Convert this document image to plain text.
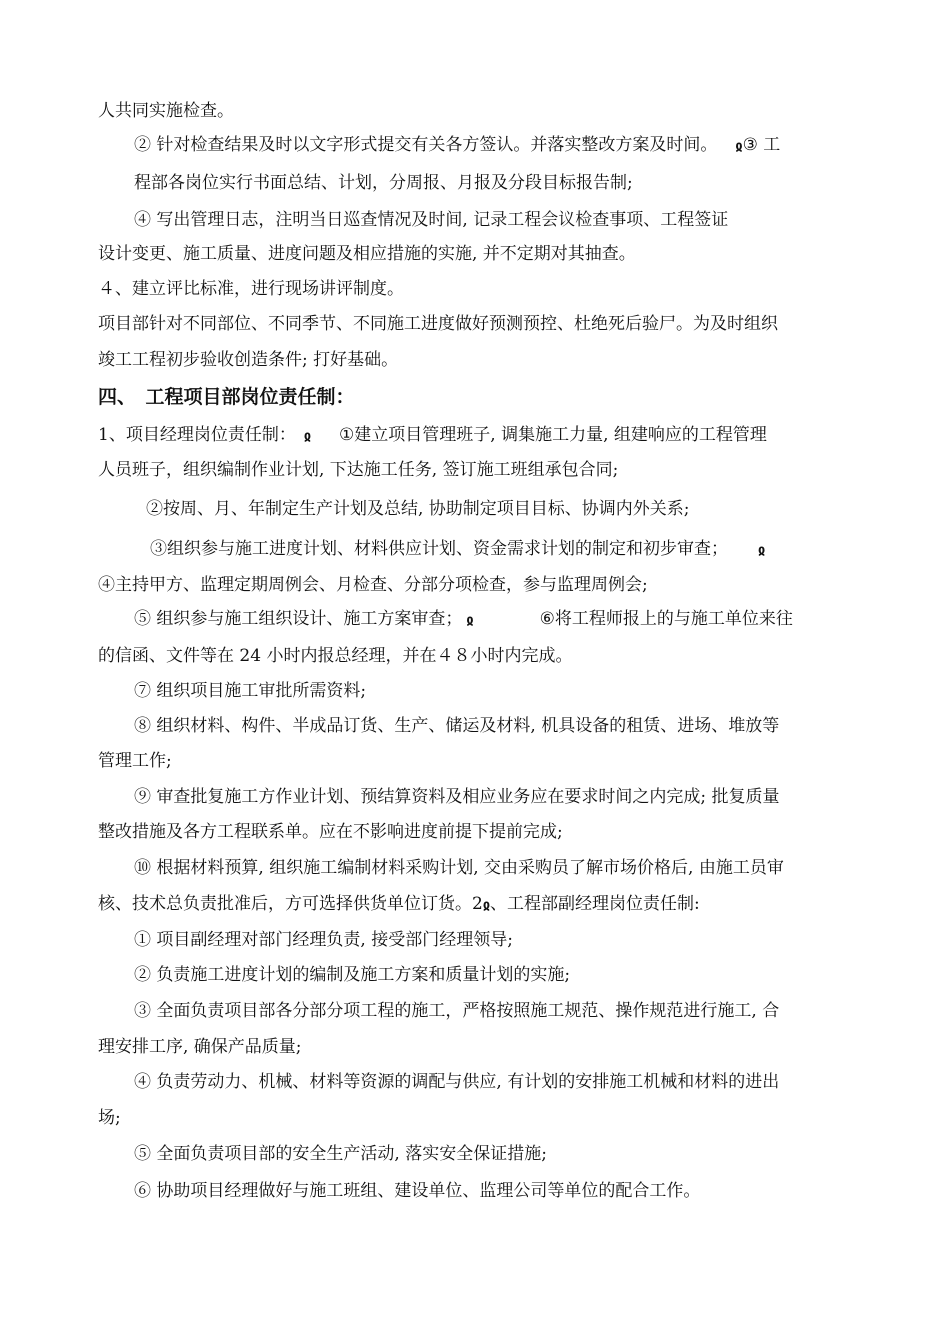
人共同实施检查。
② 针对检查结果及时以文字形式提交有关各方签认。并落实整改方案及时间。 ჲ③ 工
程部各岗位实行书面总结、计划，分周报、月报及分段目标报告制;
④ 写出管理日志，注明当日巡查情况及时间, 记录工程会议检查事项、工程签证
设计变更、施工质量、进度问题及相应措施的实施, 并不定期对其抽查。
４、建立评比标准，进行现场讲评制度。
项目部针对不同部位、不同季节、不同施工进度做好预测预控、杜绝死后验尸。为及时组织
竣工工程初步验收创造条件; 打好基础。
四、　工程项目部岗位责任制：
1、项目经理岗位责任制： ჲ ①建立项目管理班子, 调集施工力量, 组建响应的工程管理
人员班子，组织编制作业计划, 下达施工任务, 签订施工班组承包合同;
②按周、月、年制定生产计划及总结, 协助制定项目目标、协调内外关系;
③组织参与施工进度计划、材料供应计划、资金需求计划的制定和初步审查； ჲ
④主持甲方、监理定期周例会、月检查、分部分项检查，参与监理周例会;
⑤ 组织参与施工组织设计、施工方案审查； ჲ	⑥将工程师报上的与施工单位来往
的信函、文件等在 24 小时内报总经理，并在４８小时内完成。
⑦ 组织项目施工审批所需资料;
⑧ 组织材料、构件、半成品订货、生产、储运及材料, 机具设备的租赁、进场、堆放等
管理工作;
⑨ 审查批复施工方作业计划、预结算资料及相应业务应在要求时间之内完成; 批复质量
整改措施及各方工程联系单。应在不影响进度前提下提前完成;
⑩ 根据材料预算, 组织施工编制材料采购计划, 交由采购员了解市场价格后, 由施工员审
核、技术总负责批准后，方可选择供货单位订货。2ჲ、工程部副经理岗位责任制:
① 项目副经理对部门经理负责, 接受部门经理领导;
② 负责施工进度计划的编制及施工方案和质量计划的实施;
③ 全面负责项目部各分部分项工程的施工，严格按照施工规范、操作规范进行施工, 合
理安排工序, 确保产品质量;
④ 负责劳动力、机械、材料等资源的调配与供应, 有计划的安排施工机械和材料的进出
场;
⑤ 全面负责项目部的安全生产活动, 落实安全保证措施;
⑥ 协助项目经理做好与施工班组、建设单位、监理公司等单位的配合工作。
